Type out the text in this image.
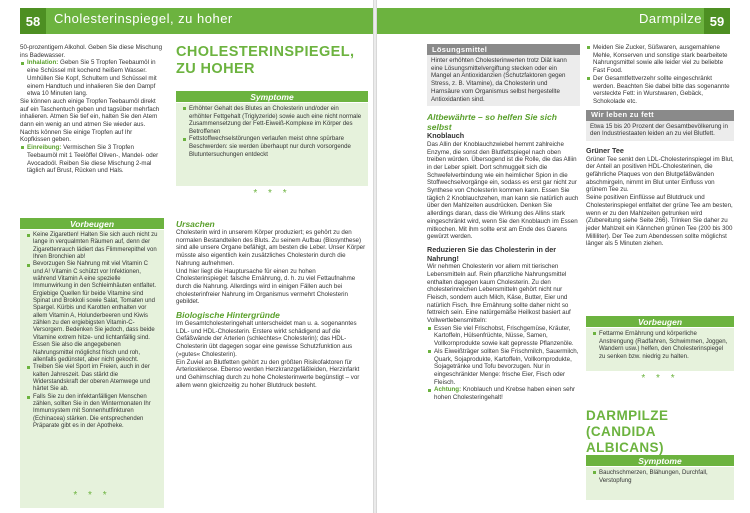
58	Cholesterinspiegel, zu hoher

50-prozentigem Alkohol. Geben Sie diese Mischung ins Badewasser.

Inhalation: Geben Sie 5 Tropfen Teebaumöl in eine Schüssel mit kochend heißem Wasser. Umhüllen Sie Kopf, Schultern und Schüssel mit einem Handtuch und inhalieren Sie den Dampf etwa 10 Minuten lang.

Sie können auch einige Tropfen Teebaumöl direkt auf ein Taschentuch geben und tagsüber mehrfach inhalieren. Atmen Sie tief ein, halten Sie den Atem dann ein wenig an und atmen Sie wieder aus. Nachts können Sie einige Tropfen auf Ihr Kopfkissen geben.

Einreibung: Vermischen Sie 3 Tropfen Teebaumöl mit 1 Teelöffel Oliven-, Mandel- oder Avocadoöl. Reiben Sie diese Mischung 2-mal täglich auf Brust, Rücken und Hals.

CHOLESTERINSPIEGEL, ZU HOHER
Symptome
Erhöhter Gehalt des Blutes an Cholesterin und/oder ein erhöhter Fettgehalt (Triglyzeride) sowie auch eine nicht normale Zusammensetzung der Fett-Eiweiß-Komplexe im Körper des Betroffenen
Fettstoffwechselstörungen verlaufen meist ohne spürbare Beschwerden: sie werden überhaupt nur durch vorsorgende Blutuntersuchungen entdeckt
* * *
Vorbeugen
Keine Zigaretten! Halten Sie sich auch nicht zu lange in verqualmten Räumen auf, denn der Zigarettenrauch lädiert das Flimmerepithel von Ihren Bronchien ab!
Bevorzugen Sie Nahrung mit viel Vitamin C und A! Vitamin C schützt vor Infektionen, während Vitamin A eine spezielle Immunwirkung in den Schleimhäuten entfaltet. Ergiebige Quellen für beide Vitamine sind Spinat und Brokkoli sowie Salat, Tomaten und Spargel. Kürbis und Karotten enthalten vor allem Vitamin A, Holunderbeeren und Kiwis zählen zu den ergiebigsten Vitamin-C-Versorgern. Bedenken Sie jedoch, dass beide Vitamine extrem hitze- und lichtanfällig sind. Essen Sie also die angegebenen Nahrungsmittel möglichst frisch und roh, allenfalls gedünstet, aber nicht gekocht.
Treiben Sie viel Sport im Freien, auch in der kalten Jahreszeit. Das stärkt die Widerstandskraft der oberen Atemwege und härtet Sie ab.
Falls Sie zu den infektanfälligen Menschen zählen, sollten Sie in den Wintermonaten Ihr Immunsystem mit Sonnenhutfinkturen (Echinacea) stärken. Die entsprechenden Präparate gibt es in der Apotheke.
* * *
Ursachen

Cholesterin wird in unserem Körper produziert; es gehört zu den normalen Bestandteilen des Bluts. Zu seinem Aufbau (Biosynthese) sind alle unsere Organe befähigt, am besten die Leber. Unser Körper müsste also eigentlich kein zusätzliches Cholesterin durch die Nahrung aufnehmen.

Und hier liegt die Hauptursache für einen zu hohen Cholesterinspiegel: falsche Ernährung, d. h. zu viel Fettaufnahme durch die Nahrung. Allerdings wird in einigen Fällen auch bei cholesterinfreier Nahrung im Organismus vermehrt Cholesterin gebildet.

Biologische Hintergründe

Im Gesamtcholesteringehalt unterscheidet man u. a. sogenanntes LDL- und HDL-Cholesterin. Erstere wirkt schädigend auf die Gefäßwände der Arterien (schlechtes« Cholesterin); das HDL-Cholesterin übt dagegen sogar eine gewisse Schutzfunktion aus (»gutes« Cholesterin).

Ein Zuviel an Blutfetten gehört zu den größten Risikofaktoren für Arteriosklerose. Ebenso werden Herzkranzgefäßleiden, Herzinfarkt und Gehirnschlag durch zu hohe Cholesterinwerte begünstigt – vor allem wenn gleichzeitig zu hoher Blutdruck besteht.

Darmpilze 59
Lösungsmittel

Hinter erhöhten Cholesterinwerten trotz Diät kann eine Lösungsmittelvergiftung stecken oder ein Mangel an Antioxidanzien (Schutzfaktoren gegen Stress, z. B. Vitamine), da Cholesterin und Harnsäure vom Organismus selbst hergestellte Antioxidantien sind.

Altbewährte – so helfen Sie sich selbst
Knoblauch

Das Allin der Knoblauchzwiebel hemmt zahlreiche Enzyme, die sonst den Blutfettspiegel nach oben treiben würden. Übersogend ist die Rolle, die das Alliin in der Leber spielt. Dort schmuggelt sich die Schwefelverbindung wie ein heimlicher Spion in die Stoffwechselvorgänge ein, sodass es erst gar nicht zur Synthese von Cholesterin kommen kann. Essen Sie täglich 2 Knoblauchzehen, man kann sie natürlich auch über den Mahlzeiten ausdrücken. Denken Sie allerdings daran, dass die Wirkung des Allins stark eingeschränkt wird, wenn Sie den Knoblauch im Essen mitkochen. Mit ihm sollte erst am Ende des Garens gewürzt werden.

Reduzieren Sie das Cholesterin in der Nahrung!

Wir nehmen Cholesterin vor allem mit tierischen Lebensmitteln auf. Rein pflanzliche Nahrungsmittel enthalten dagegen kaum Cholesterin. Zu den cholesterinreichen Lebensmitteln gehört nicht nur Fleisch, sondern auch Milch, Käse, Butter, Eier und natürlich Fisch. Ihre Ernährung sollte daher nicht so fettreich sein. Eine natürgemäße Heilkost basiert auf Vollwertlebensmitteln:

Essen Sie viel Frischobst, Frischgemüse, Kräuter, Kartoffeln, Hülsenfrüchte, Nüsse, Samen, Vollkornprodukte sowie kalt gepresste Pflanzenöle.

Als Eiweißträger sollten Sie Frischmilch, Sauermilch, Quark, Sojaprodukte, Kartoffeln, Vollkornprodukte, Sojagetränke und Tofu bevorzugen. Nur in eingeschränkter Menge: frische Eier, Fisch oder Fleisch.

Achtung: Knoblauch und Krebse haben einen sehr hohen Cholesteringehalt!

Meiden Sie Zucker, Süßwaren, ausgemahlene Mehle, Konserven und sonstige stark bearbeitete Nahrungsmittel sowie alle leider viel zu beliebte Fast Food.

Der Gesamtfettverzehr sollte eingeschränkt werden. Beachten Sie dabei bitte das sogenannte versteckte Fett: in Wurstwaren, Gebäck, Schokolade etc.

Wir leben zu fett

Etwa 15 bis 20 Prozent der Gesamtbevölkerung in den Industriestaaten leiden an zu viel Blutfett.

Grüner Tee

Grüner Tee senkt den LDL-Cholesterinspiegel im Blut, der Anteil an positiven HDL-Cholesterinen, die gefährliche Plaques von den Blutgefäßwänden abschmirgeln, nimmt im Blut unter Einfluss von grünem Tee zu.

Seine positiven Einflüsse auf Blutdruck und Cholesterinspiegel entfaltet der grüne Tee am besten, wenn er zu den Mahlzeiten getrunken wird (Zubereitung siehe Seite 266). Trinken Sie daher zu jeder Mahlzeit ein Kännchen grünen Tee (200 bis 300 Milliliter). Der Tee zum Abendessen sollte möglichst länger als 5 Minuten ziehen.

Vorbeugen
Fettarme Ernährung und körperliche Anstrengung (Radfahren, Schwimmen, Joggen, Wandern usw.) helfen, den Cholesterinspiegel zu senken bzw. niedrig zu halten.
* * *
DARMPILZE (CANDIDA ALBICANS)
Symptome
Bauchschmerzen, Blähungen, Durchfall, Verstopfung
